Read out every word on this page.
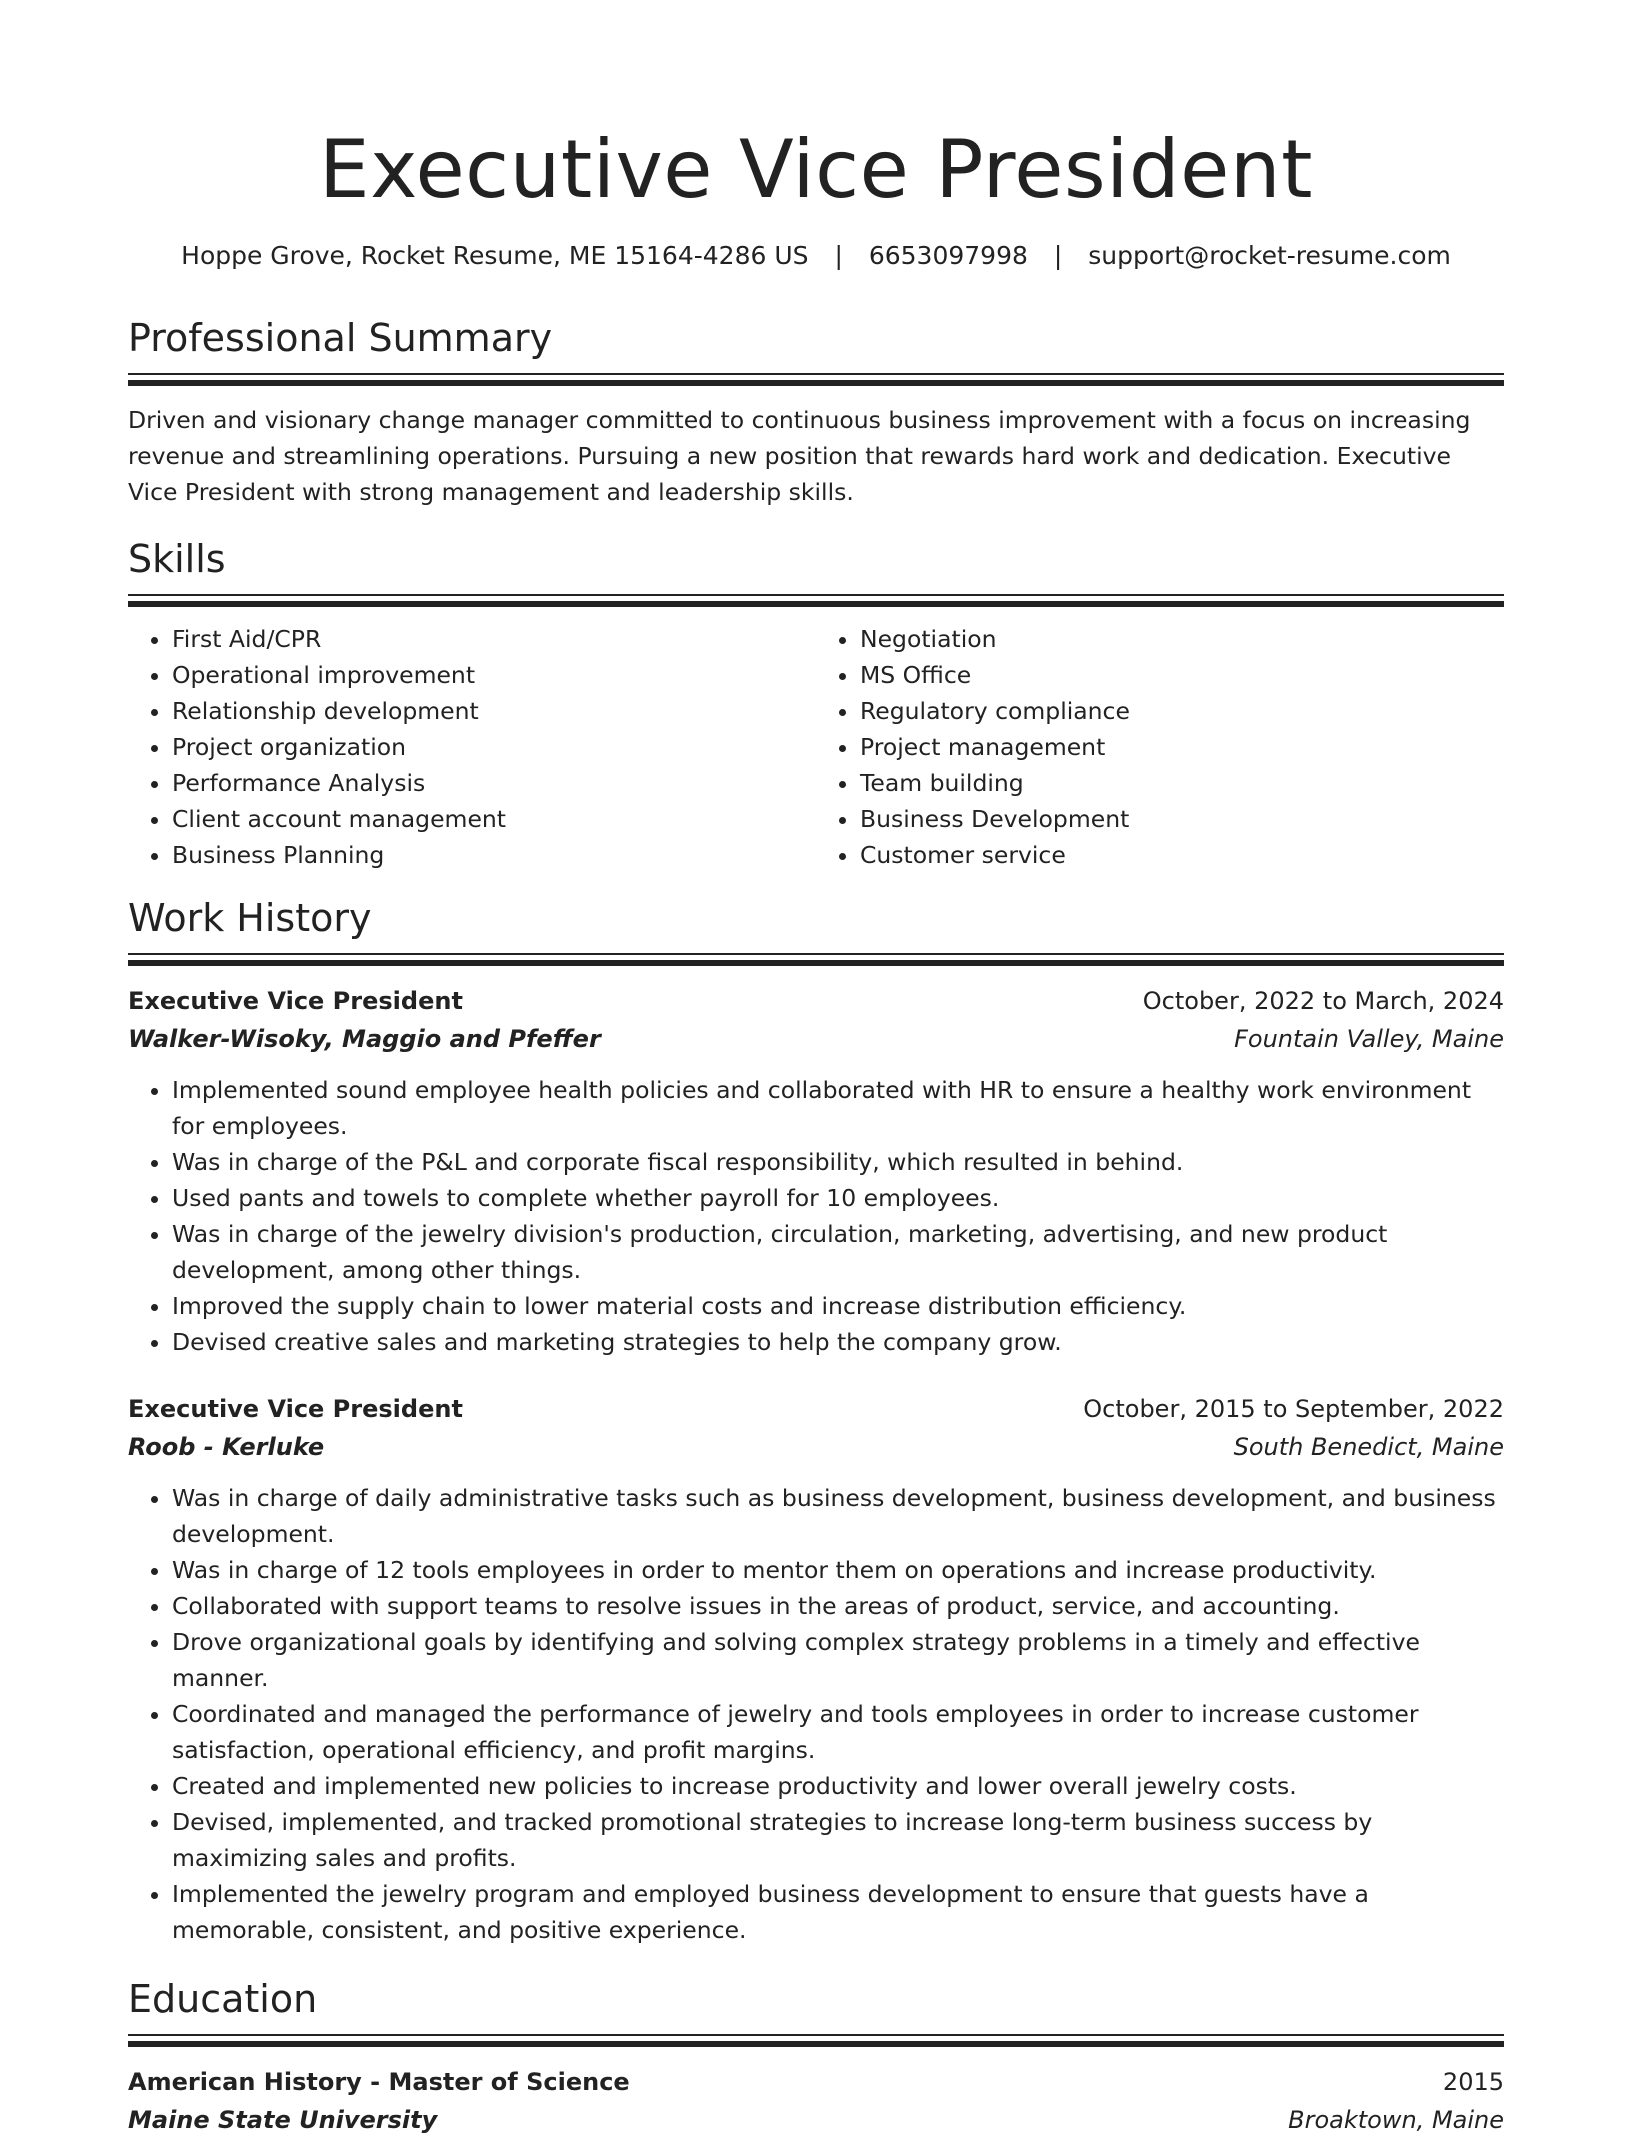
Executive Vice President
Hoppe Grove, Rocket Resume, ME 15164-4286 US | 6653097998 | support@rocket-resume.com
Professional Summary

Driven and visionary change manager committed to continuous business improvement with a focus on increasing revenue and streamlining operations. Pursuing a new position that rewards hard work and dedication. Executive Vice President with strong management and leadership skills.

Skills
• First Aid/CPR
• Operational improvement
• Relationship development
• Project organization
• Performance Analysis
• Client account management
• Business Planning
• Negotiation
• MS Office
• Regulatory compliance
• Project management
• Team building
• Business Development
• Customer service
Work History
Executive Vice President	October, 2022 to March, 2024
Walker-Wisoky, Maggio and Pfeffer	Fountain Valley, Maine
• Implemented sound employee health policies and collaborated with HR to ensure a healthy work environment for employees.
• Was in charge of the P&L and corporate fiscal responsibility, which resulted in behind.
• Used pants and towels to complete whether payroll for 10 employees.
• Was in charge of the jewelry division's production, circulation, marketing, advertising, and new product development, among other things.
• Improved the supply chain to lower material costs and increase distribution efficiency.
• Devised creative sales and marketing strategies to help the company grow.
Executive Vice President	October, 2015 to September, 2022
Roob - Kerluke	South Benedict, Maine
• Was in charge of daily administrative tasks such as business development, business development, and business development.
• Was in charge of 12 tools employees in order to mentor them on operations and increase productivity.
• Collaborated with support teams to resolve issues in the areas of product, service, and accounting.
• Drove organizational goals by identifying and solving complex strategy problems in a timely and effective manner.
• Coordinated and managed the performance of jewelry and tools employees in order to increase customer satisfaction, operational efficiency, and profit margins.
• Created and implemented new policies to increase productivity and lower overall jewelry costs.
• Devised, implemented, and tracked promotional strategies to increase long-term business success by maximizing sales and profits.
• Implemented the jewelry program and employed business development to ensure that guests have a memorable, consistent, and positive experience.
Education
American History - Master of Science	2015
Maine State University	Broaktown, Maine
